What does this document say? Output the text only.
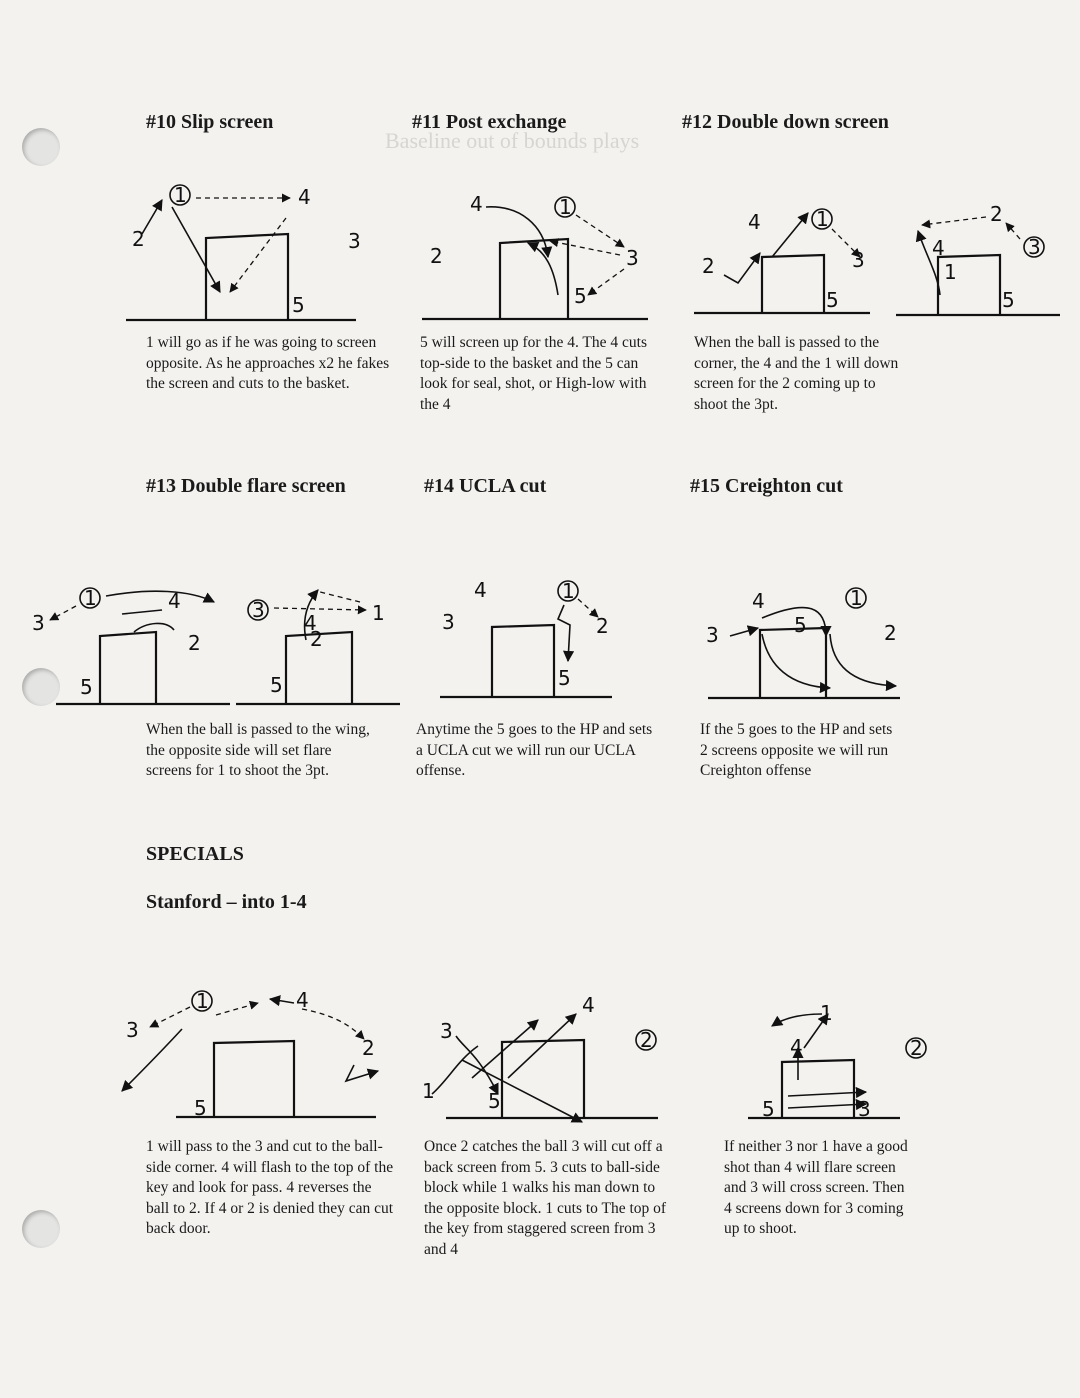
Baseline out of bounds plays
#10 Slip screen	#11 Post exchange	#12 Double down screen
1
2
4
3
5
1
4
2	3
5
1
4
2	3
5
3
4
1
5
2
1 will go as if he was going to screen opposite. As he approaches x2 he fakes the screen and cuts to the basket.
5 will screen up for the 4. The 4 cuts top-side to the basket and the 5 can look for seal, shot, or High-low with the 4
When the ball is passed to the corner, the 4 and the 1 will down screen for the 2 coming up to shoot the 3pt.
#13 Double flare screen	#14 UCLA cut	#15 Creighton cut
1
3
4
2
5
3	1
4
2
5
1
4
3	2
5
1
4
3	2
5
When the ball is passed to the wing, the opposite side will set flare screens for 1 to shoot the 3pt.
Anytime the 5 goes to the HP and sets a UCLA cut we will run our UCLA offense.
If the 5 goes to the HP and sets 2 screens opposite we will run Creighton offense
SPECIALS
Stanford – into 1-4
1
3
4
2
5
2
4
3
1	5
2
1
4
5	3
1 will pass to the 3 and cut to the ball-side corner. 4 will flash to the top of the key and look for pass. 4 reverses the ball to 2. If 4 or 2 is denied they can cut back door.
Once 2 catches the ball 3 will cut off a back screen from 5. 3 cuts to ball-side block while 1 walks his man down to the opposite block. 1 cuts to The top of the key from staggered screen from 3 and 4
If neither 3 nor 1 have a good shot than 4 will flare screen and 3 will cross screen. Then 4 screens down for 3 coming up to shoot.
